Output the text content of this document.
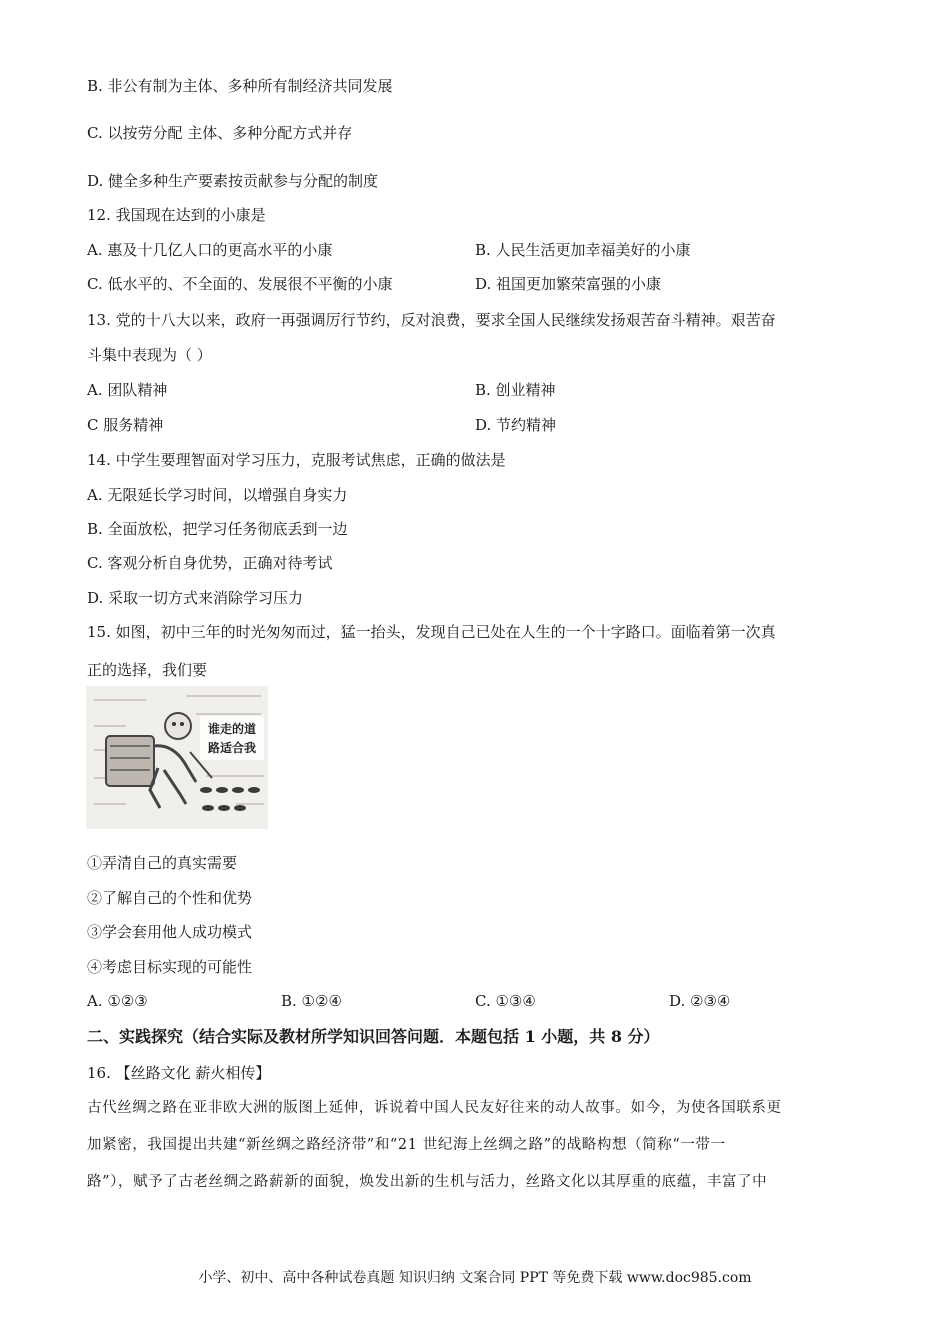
B. 非公有制为主体、多种所有制经济共同发展
C. 以按劳分配 主体、多种分配方式并存
D. 健全多种生产要素按贡献参与分配的制度
12. 我国现在达到的小康是
A. 惠及十几亿人口的更高水平的小康	B. 人民生活更加幸福美好的小康
C. 低水平的、不全面的、发展很不平衡的小康	D. 祖国更加繁荣富强的小康
13. 党的十八大以来，政府一再强调厉行节约，反对浪费，要求全国人民继续发扬艰苦奋斗精神。艰苦奋
斗集中表现为（ ）
A. 团队精神	B. 创业精神
C 服务精神	D. 节约精神
14. 中学生要理智面对学习压力，克服考试焦虑，正确的做法是
A. 无限延长学习时间，以增强自身实力
B. 全面放松，把学习任务彻底丢到一边
C. 客观分析自身优势，正确对待考试
D. 采取一切方式来消除学习压力
15. 如图，初中三年的时光匆匆而过，猛一抬头，发现自己已处在人生的一个十字路口。面临着第一次真
正的选择，我们要
谁走的道
路适合我
①弄清自己的真实需要
②了解自己的个性和优势
③学会套用他人成功模式
④考虑目标实现的可能性
A. ①②③	B. ①②④	C. ①③④	D. ②③④
二、实践探究（结合实际及教材所学知识回答问题．本题包括 1 小题，共 8 分）
16. 【丝路文化 薪火相传】
古代丝绸之路在亚非欧大洲的版图上延伸，诉说着中国人民友好往来的动人故事。如今，为使各国联系更
加紧密，我国提出共建“新丝绸之路经济带”和“21 世纪海上丝绸之路”的战略构想（简称“一带一
路”），赋予了古老丝绸之路薪新的面貌，焕发出新的生机与活力，丝路文化以其厚重的底蕴，丰富了中
小学、初中、高中各种试卷真题 知识归纳 文案合同 PPT 等免费下载 www.doc985.com
